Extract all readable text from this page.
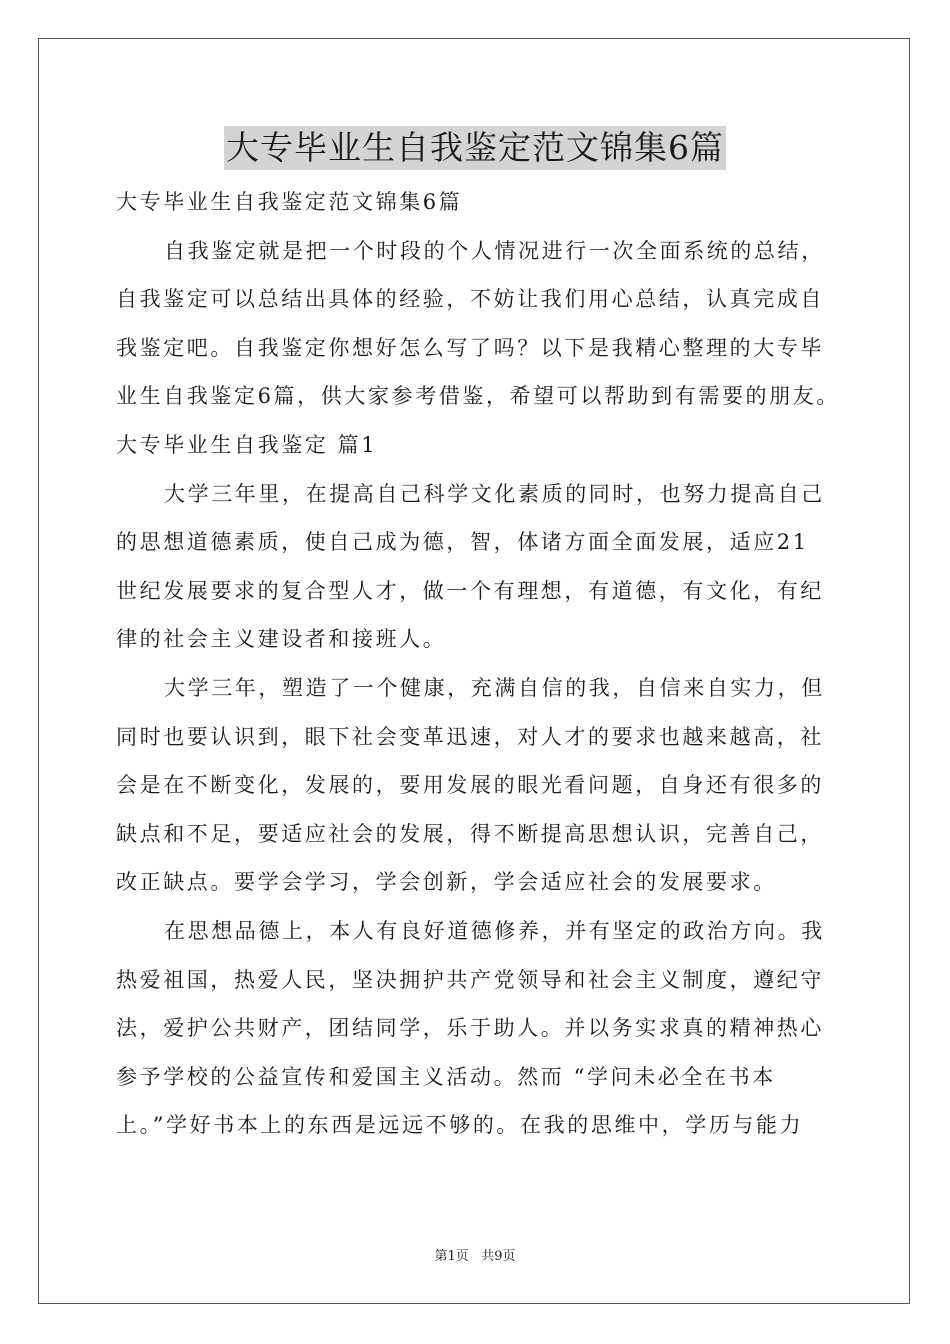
大专毕业生自我鉴定范文锦集6篇
大专毕业生自我鉴定范文锦集6篇
自我鉴定就是把一个时段的个人情况进行一次全面系统的总结，
自我鉴定可以总结出具体的经验，不妨让我们用心总结，认真完成自
我鉴定吧。自我鉴定你想好怎么写了吗？以下是我精心整理的大专毕
业生自我鉴定6篇，供大家参考借鉴，希望可以帮助到有需要的朋友。
大专毕业生自我鉴定 篇1
大学三年里，在提高自己科学文化素质的同时，也努力提高自己
的思想道德素质，使自己成为德，智，体诸方面全面发展，适应21
世纪发展要求的复合型人才，做一个有理想，有道德，有文化，有纪
律的社会主义建设者和接班人。
大学三年，塑造了一个健康，充满自信的我，自信来自实力，但
同时也要认识到，眼下社会变革迅速，对人才的要求也越来越高，社
会是在不断变化，发展的，要用发展的眼光看问题，自身还有很多的
缺点和不足，要适应社会的发展，得不断提高思想认识，完善自己，
改正缺点。要学会学习，学会创新，学会适应社会的发展要求。
在思想品德上，本人有良好道德修养，并有坚定的政治方向。我
热爱祖国，热爱人民，坚决拥护共产党领导和社会主义制度，遵纪守
法，爱护公共财产，团结同学，乐于助人。并以务实求真的精神热心
参予学校的公益宣传和爱国主义活动。然而 “学问未必全在书本
上。”学好书本上的东西是远远不够的。在我的思维中，学历与能力
第1页 共9页
